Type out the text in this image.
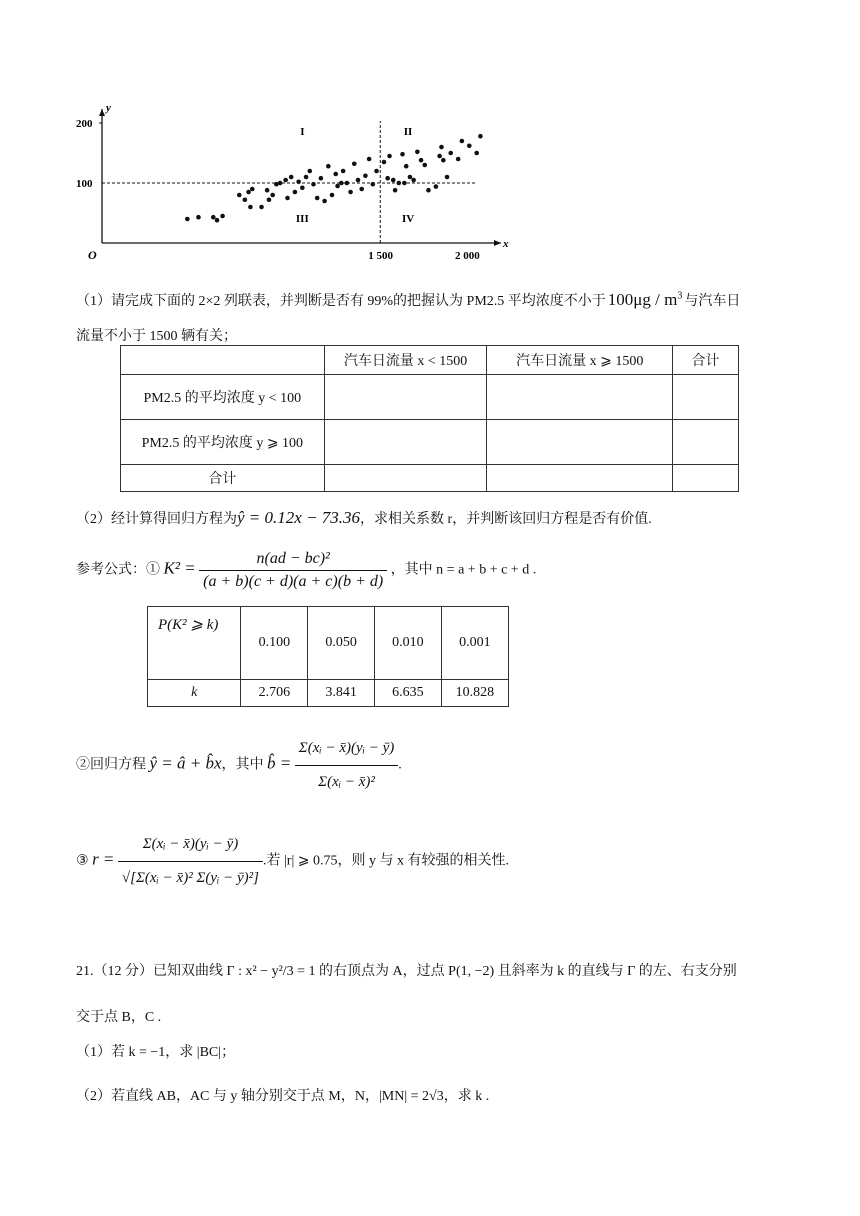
x
y
O
200
100
1 500	2 000
I	II
III	IV
（1）请完成下面的 2×2 列联表，并判断是否有 99%的把握认为 PM2.5 平均浓度不小于 $100\mu g / m^3$ 与汽车日
流量不小于 1500 辆有关；
	汽车日流量 x < 1500	汽车日流量 x ⩾ 1500	合计
PM2.5 的平均浓度 y < 100			
PM2.5 的平均浓度 y ⩾ 100			
合计			
（2）经计算得回归方程为ŷ = 0.12x − 73.36，求相关系数 r，并判断该回归方程是否有价值.
参考公式：① $K^2 = \frac{\text{n(ad − bc)²}}{(a + b)(c + d)(a + c)(b + d)}$ ，其中 n = a + b + c + d .
P(K² ⩾ k)	0.100	0.050	0.010	0.001
k	2.706	3.841	6.635	10.828
②回归方程 ŷ = â + b̂x，其中 b̂ = $\frac{\text{Σ(xᵢ − x̄)(yᵢ − ȳ)}}{\text{Σ(xᵢ − x̄)²}}$ .
③ $r = \frac{\text{Σ(xᵢ − x̄)(yᵢ − ȳ)}}{\text{√[Σ(xᵢ − x̄)² Σ(yᵢ − ȳ)²]}}$ .若 |r| ⩾ 0.75，则 y 与 x 有较强的相关性.
21.（12 分）已知双曲线 Γ : x² − y²/3 = 1 的右顶点为 A，过点 P(1, −2) 且斜率为 k 的直线与 Γ 的左、右支分别
交于点 B，C .
（1）若 k = −1，求 |BC|；
（2）若直线 AB，AC 与 y 轴分别交于点 M，N，|MN| = 2√3，求 k .
